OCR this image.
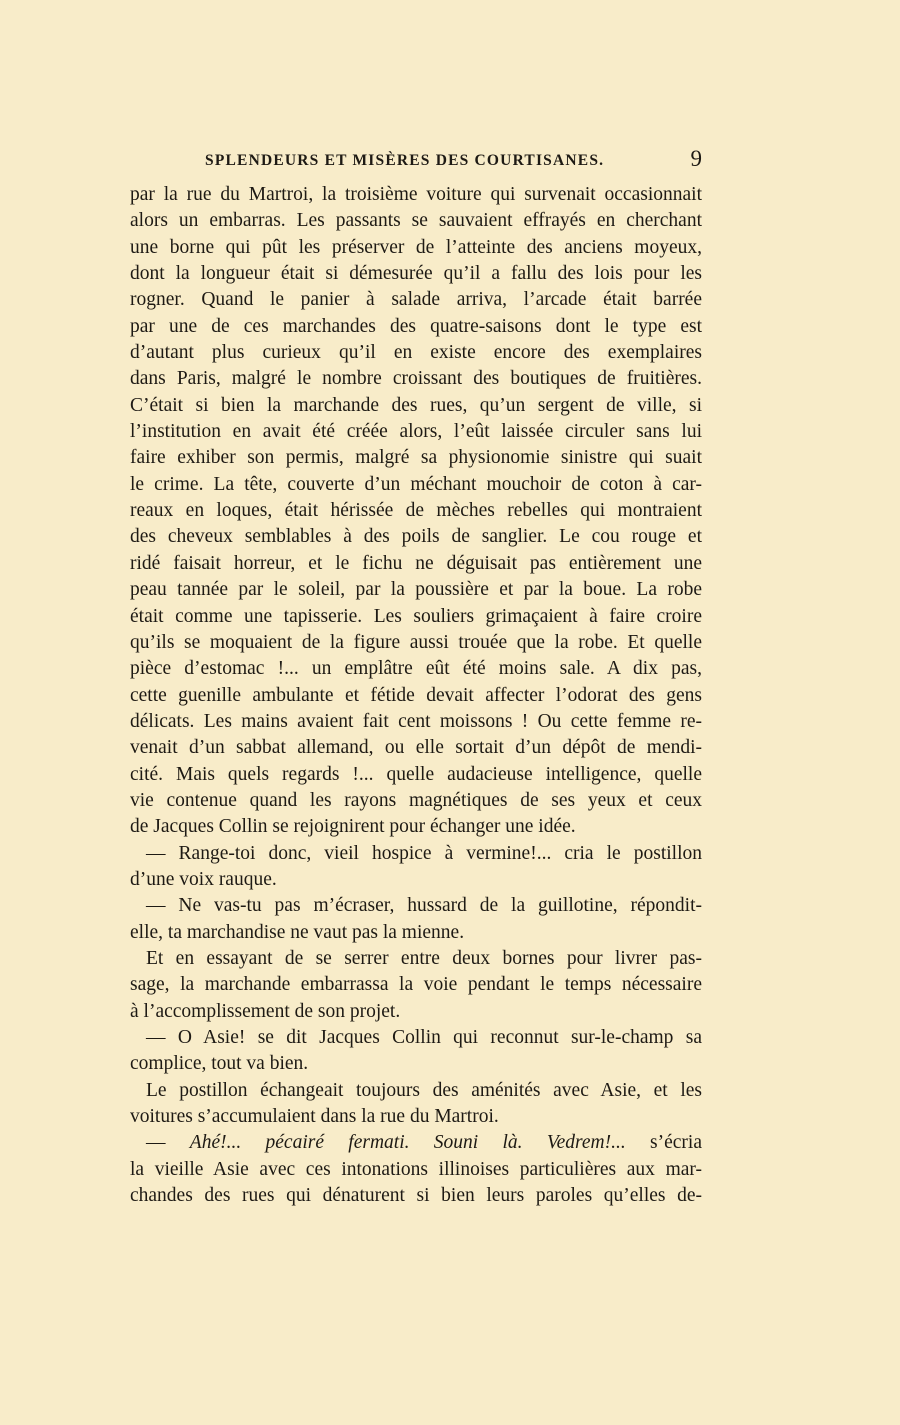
SPLENDEURS ET MISÈRES DES COURTISANES.	9
par la rue du Martroi, la troisième voiture qui survenait occasionnait
alors un embarras. Les passants se sauvaient effrayés en cherchant
une borne qui pût les préserver de l’atteinte des anciens moyeux,
dont la longueur était si démesurée qu’il a fallu des lois pour les
rogner. Quand le panier à salade arriva, l’arcade était barrée
par une de ces marchandes des quatre-saisons dont le type est
d’autant plus curieux qu’il en existe encore des exemplaires
dans Paris, malgré le nombre croissant des boutiques de fruitières.
C’était si bien la marchande des rues, qu’un sergent de ville, si
l’institution en avait été créée alors, l’eût laissée circuler sans lui
faire exhiber son permis, malgré sa physionomie sinistre qui suait
le crime. La tête, couverte d’un méchant mouchoir de coton à car-
reaux en loques, était hérissée de mèches rebelles qui montraient
des cheveux semblables à des poils de sanglier. Le cou rouge et
ridé faisait horreur, et le fichu ne déguisait pas entièrement une
peau tannée par le soleil, par la poussière et par la boue. La robe
était comme une tapisserie. Les souliers grimaçaient à faire croire
qu’ils se moquaient de la figure aussi trouée que la robe. Et quelle
pièce d’estomac !... un emplâtre eût été moins sale. A dix pas,
cette guenille ambulante et fétide devait affecter l’odorat des gens
délicats. Les mains avaient fait cent moissons ! Ou cette femme re-
venait d’un sabbat allemand, ou elle sortait d’un dépôt de mendi-
cité. Mais quels regards !... quelle audacieuse intelligence, quelle
vie contenue quand les rayons magnétiques de ses yeux et ceux
de Jacques Collin se rejoignirent pour échanger une idée.
— Range-toi donc, vieil hospice à vermine!... cria le postillon
d’une voix rauque.
— Ne vas-tu pas m’écraser, hussard de la guillotine, répondit-
elle, ta marchandise ne vaut pas la mienne.
Et en essayant de se serrer entre deux bornes pour livrer pas-
sage, la marchande embarrassa la voie pendant le temps nécessaire
à l’accomplissement de son projet.
— O Asie! se dit Jacques Collin qui reconnut sur-le-champ sa
complice, tout va bien.
Le postillon échangeait toujours des aménités avec Asie, et les
voitures s’accumulaient dans la rue du Martroi.
— Ahé!... pécairé fermati. Souni là. Vedrem!... s’écria
la vieille Asie avec ces intonations illinoises particulières aux mar-
chandes des rues qui dénaturent si bien leurs paroles qu’elles de-
